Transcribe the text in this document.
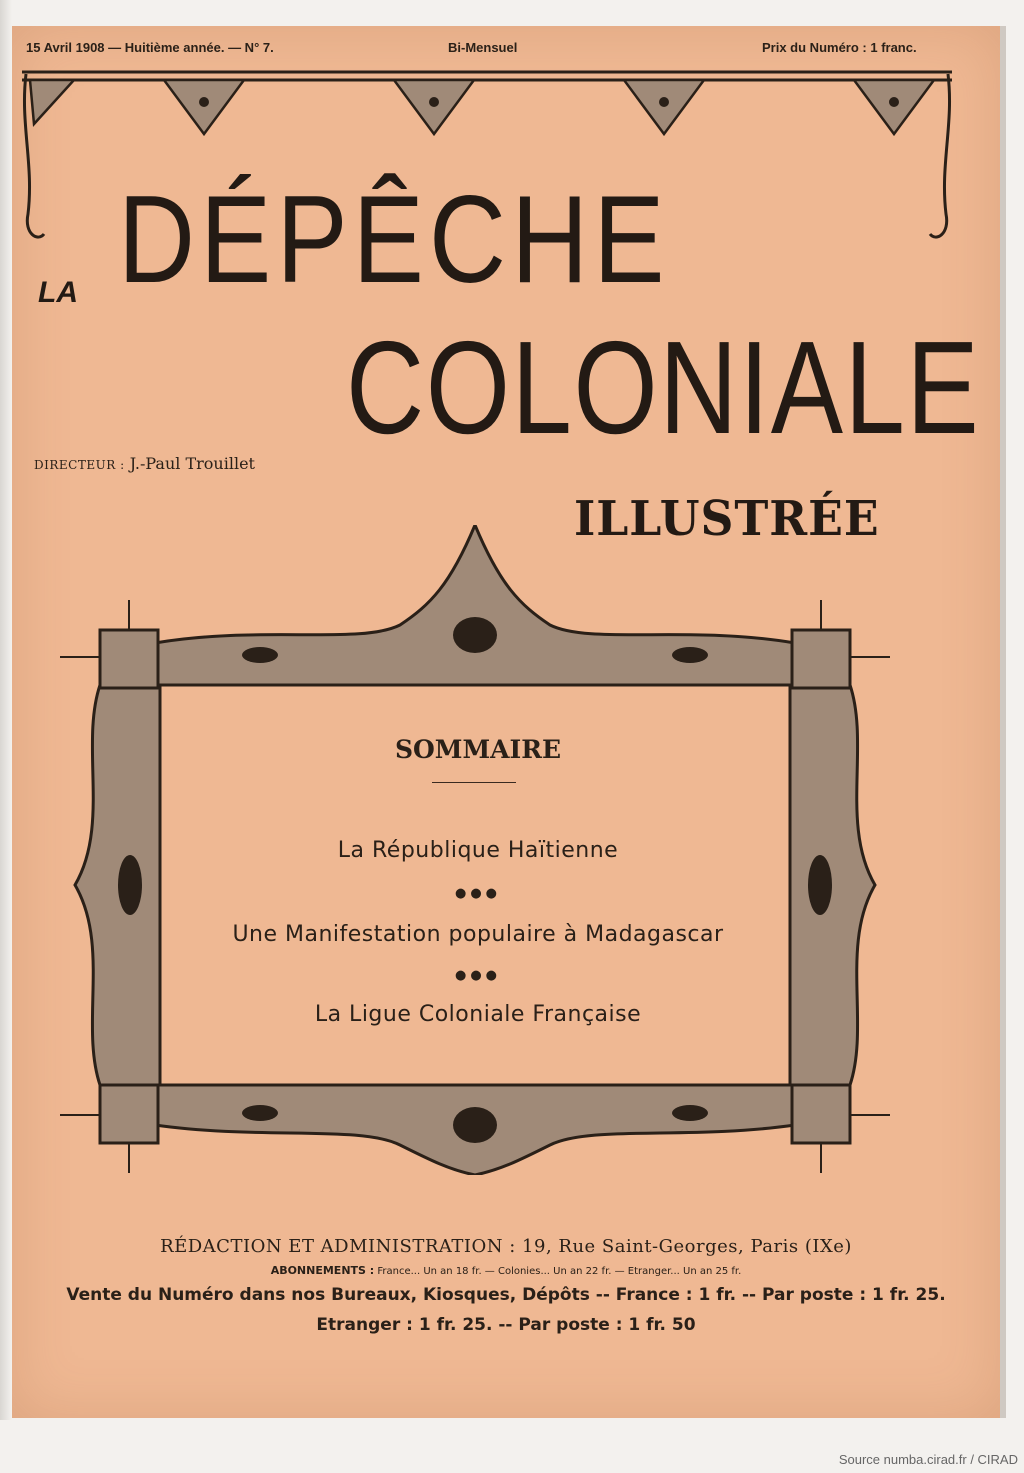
15 Avril 1908 — Huitième année. — N° 7.	Bi-Mensuel	Prix du Numéro : 1 franc.
LA DÉPÊCHE
COLONIALE
ILLUSTRÉE
DIRECTEUR : J.-Paul Trouillet
SOMMAIRE
La République Haïtienne
●●●
Une Manifestation populaire à Madagascar
●●●
La Ligue Coloniale Française
RÉDACTION ET ADMINISTRATION : 19, Rue Saint-Georges, Paris (IXe)
ABONNEMENTS : France... Un an 18 fr. — Colonies... Un an 22 fr. — Etranger... Un an 25 fr.
Vente du Numéro dans nos Bureaux, Kiosques, Dépôts -- France : 1 fr. -- Par poste : 1 fr. 25.
Etranger : 1 fr. 25. -- Par poste : 1 fr. 50
Source numba.cirad.fr / CIRAD
